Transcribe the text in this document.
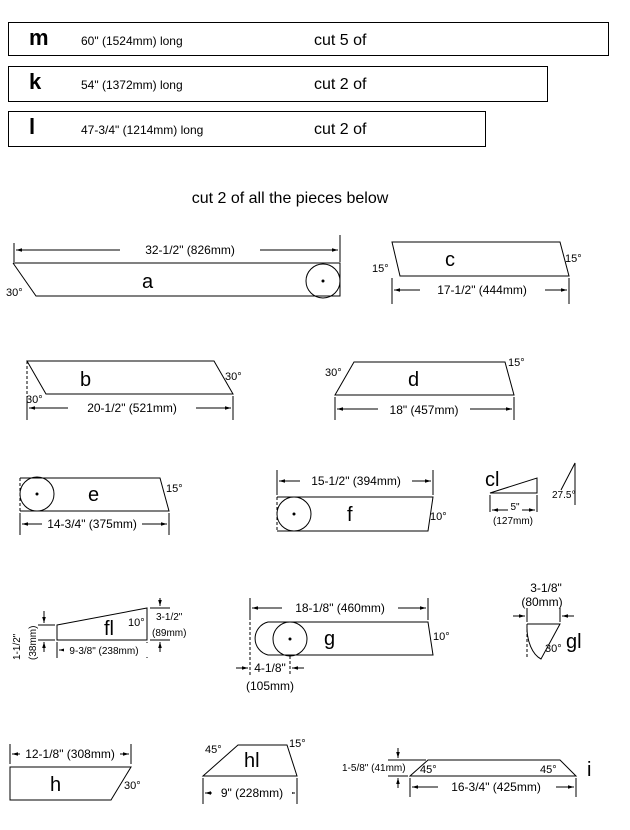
m	60" (1524mm) long	cut 5 of
k	54" (1372mm) long	cut 2 of
l	47-3/4" (1214mm) long	cut 2 of
cut 2 of all the pieces below
32-1/2" (826mm)
a
30°
c
15°
15°
17-1/2" (444mm)
b	30°
30°
20-1/2" (521mm)
d
30°
15°
18" (457mm)
e	15°
14-3/4" (375mm)
15-1/2" (394mm)
f	10°
cl
27.5°
5"
(127mm)
fl 10°
1-1/2" (38mm)	9-3/8" (238mm)
3-1/2"
(89mm)
18-1/8" (460mm)
g	10°
4-1/8"
(105mm)
3-1/8"
(80mm)
30° gl
12-1/8" (308mm)
h	30°
hl
45°	15°
9" (228mm)
45°	45° i
1-5/8" (41mm)
16-3/4" (425mm)
